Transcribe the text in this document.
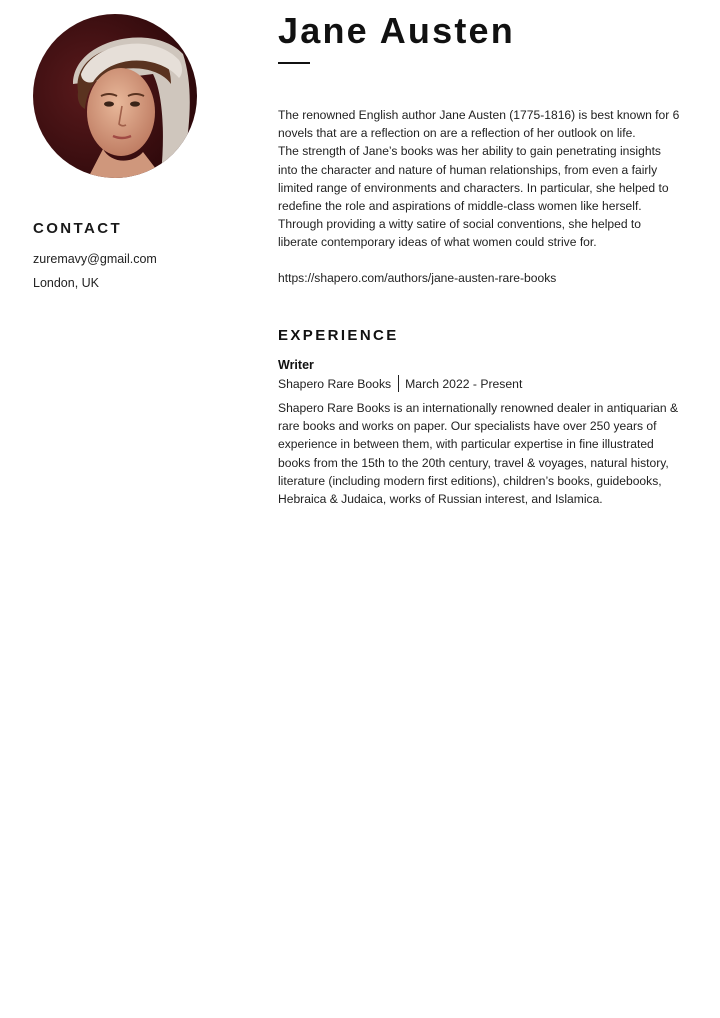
CONTACT

zuremavy@gmail.com

London, UK

Jane Austen

The renowned English author Jane Austen (1775-1816) is best known for 6 novels that are a reflection on are a reflection of her outlook on life.

The strength of Jane’s books was her ability to gain penetrating insights into the character and nature of human relationships, from even a fairly limited range of environments and characters. In particular, she helped to redefine the role and aspirations of middle-class women like herself. Through providing a witty satire of social conventions, she helped to liberate contemporary ideas of what women could strive for.

https://shapero.com/authors/jane-austen-rare-books

EXPERIENCE

Writer

Shapero Rare Books March 2022 - Present

Shapero Rare Books is an internationally renowned dealer in antiquarian & rare books and works on paper. Our specialists have over 250 years of experience in between them, with particular expertise in fine illustrated books from the 15th to the 20th century, travel & voyages, natural history, literature (including modern first editions), children’s books, guidebooks, Hebraica & Judaica, works of Russian interest, and Islamica.
